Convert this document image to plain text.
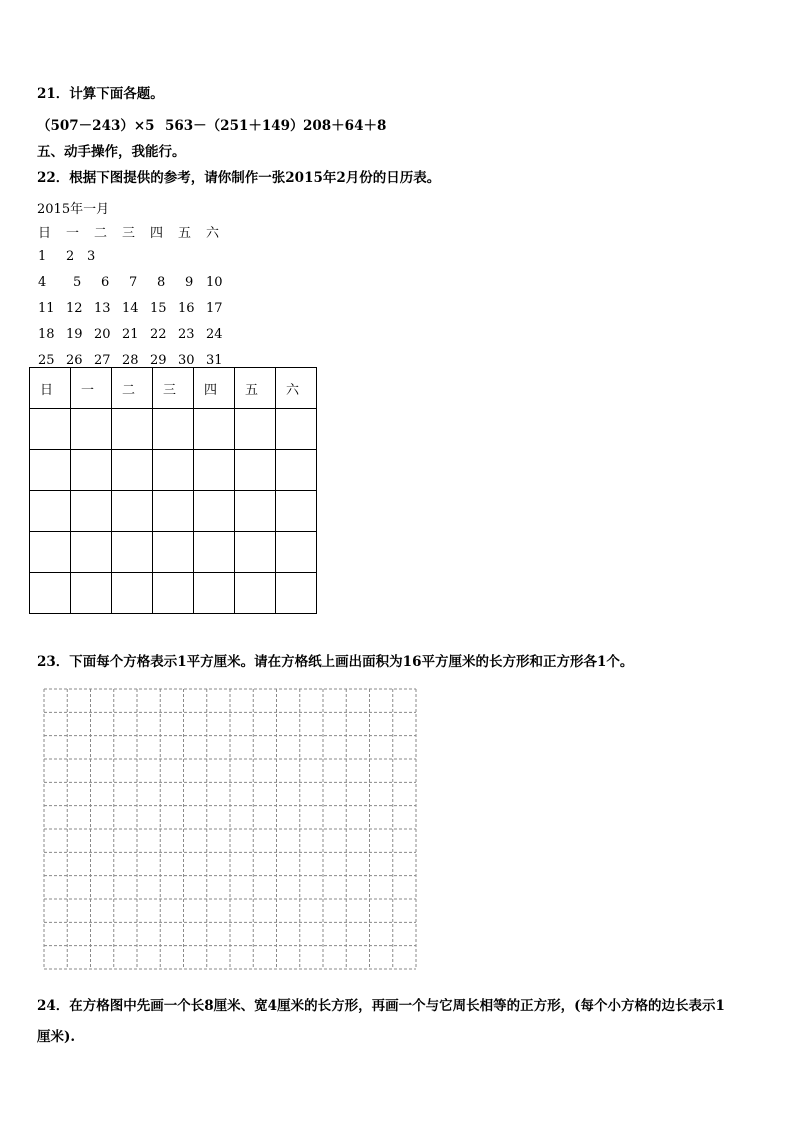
21．计算下面各题。
（507－243）×5 563－（251＋149） 208＋64＋8
五、动手操作，我能行。
22．根据下图提供的参考，请你制作一张2015年2月份的日历表。
2015年一月
日 一 二 三 四 五 六
1 2 3
4 5 6 7 8 9 10
11 12 13 14 15 16 17
18 19 20 21 22 23 24
25 26 27 28 29 30 31
日	一	二	三	四	五	六

23．下面每个方格表示1平方厘米。请在方格纸上画出面积为16平方厘米的长方形和正方形各1个。
24．在方格图中先画一个长8厘米、宽4厘米的长方形，再画一个与它周长相等的正方形，(每个小方格的边长表示1
厘米).
